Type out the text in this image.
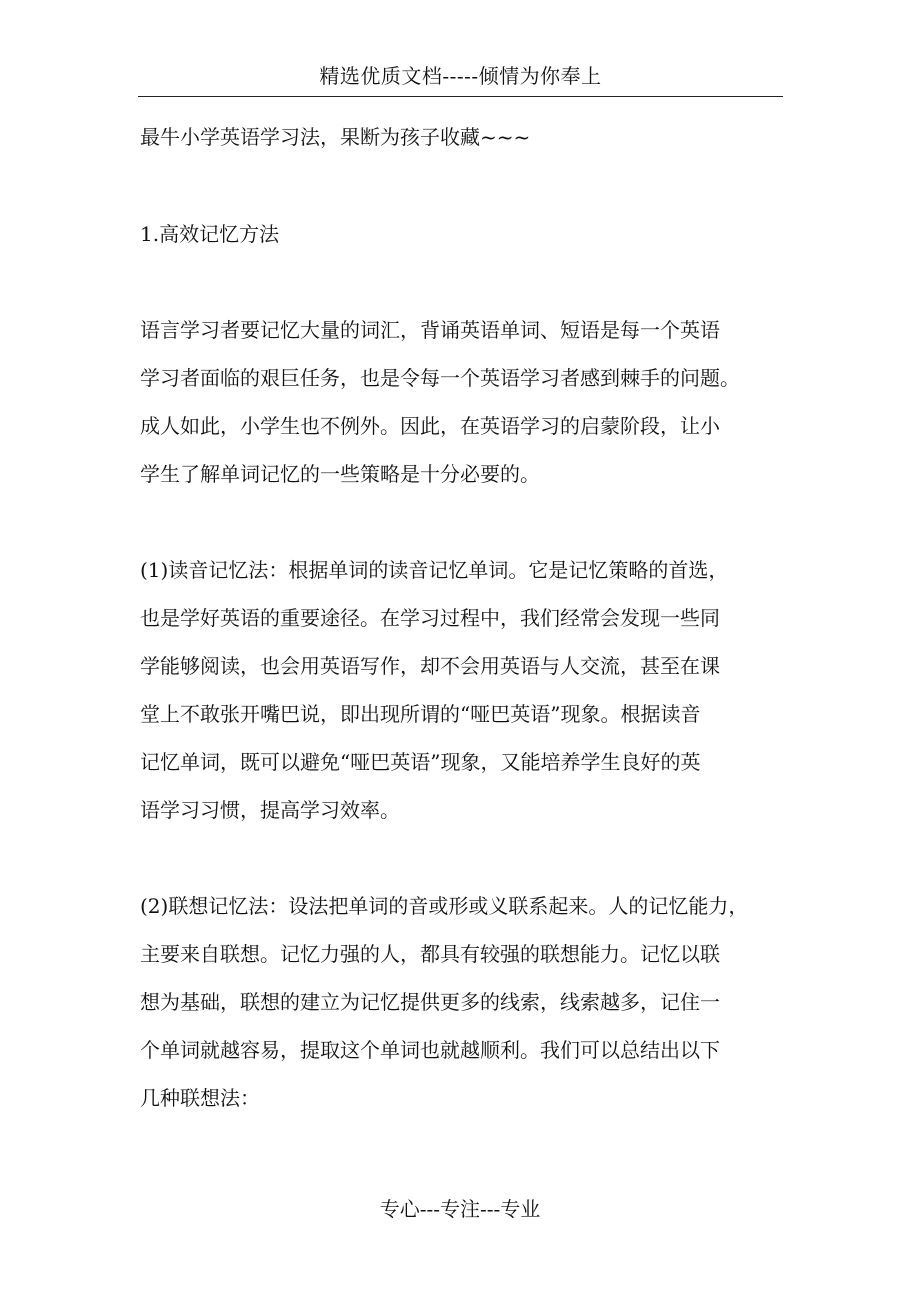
精选优质文档-----倾情为你奉上
最牛小学英语学习法，果断为孩子收藏~~~
1.高效记忆方法
语言学习者要记忆大量的词汇，背诵英语单词、短语是每一个英语
学习者面临的艰巨任务，也是令每一个英语学习者感到棘手的问题。
成人如此，小学生也不例外。因此，在英语学习的启蒙阶段，让小
学生了解单词记忆的一些策略是十分必要的。
(1)读音记忆法：根据单词的读音记忆单词。它是记忆策略的首选，
也是学好英语的重要途径。在学习过程中，我们经常会发现一些同
学能够阅读，也会用英语写作，却不会用英语与人交流，甚至在课
堂上不敢张开嘴巴说，即出现所谓的“哑巴英语”现象。根据读音
记忆单词，既可以避免“哑巴英语”现象，又能培养学生良好的英
语学习习惯，提高学习效率。
(2)联想记忆法：设法把单词的音或形或义联系起来。人的记忆能力，
主要来自联想。记忆力强的人，都具有较强的联想能力。记忆以联
想为基础，联想的建立为记忆提供更多的线索，线索越多，记住一
个单词就越容易，提取这个单词也就越顺利。我们可以总结出以下
几种联想法：
专心---专注---专业
